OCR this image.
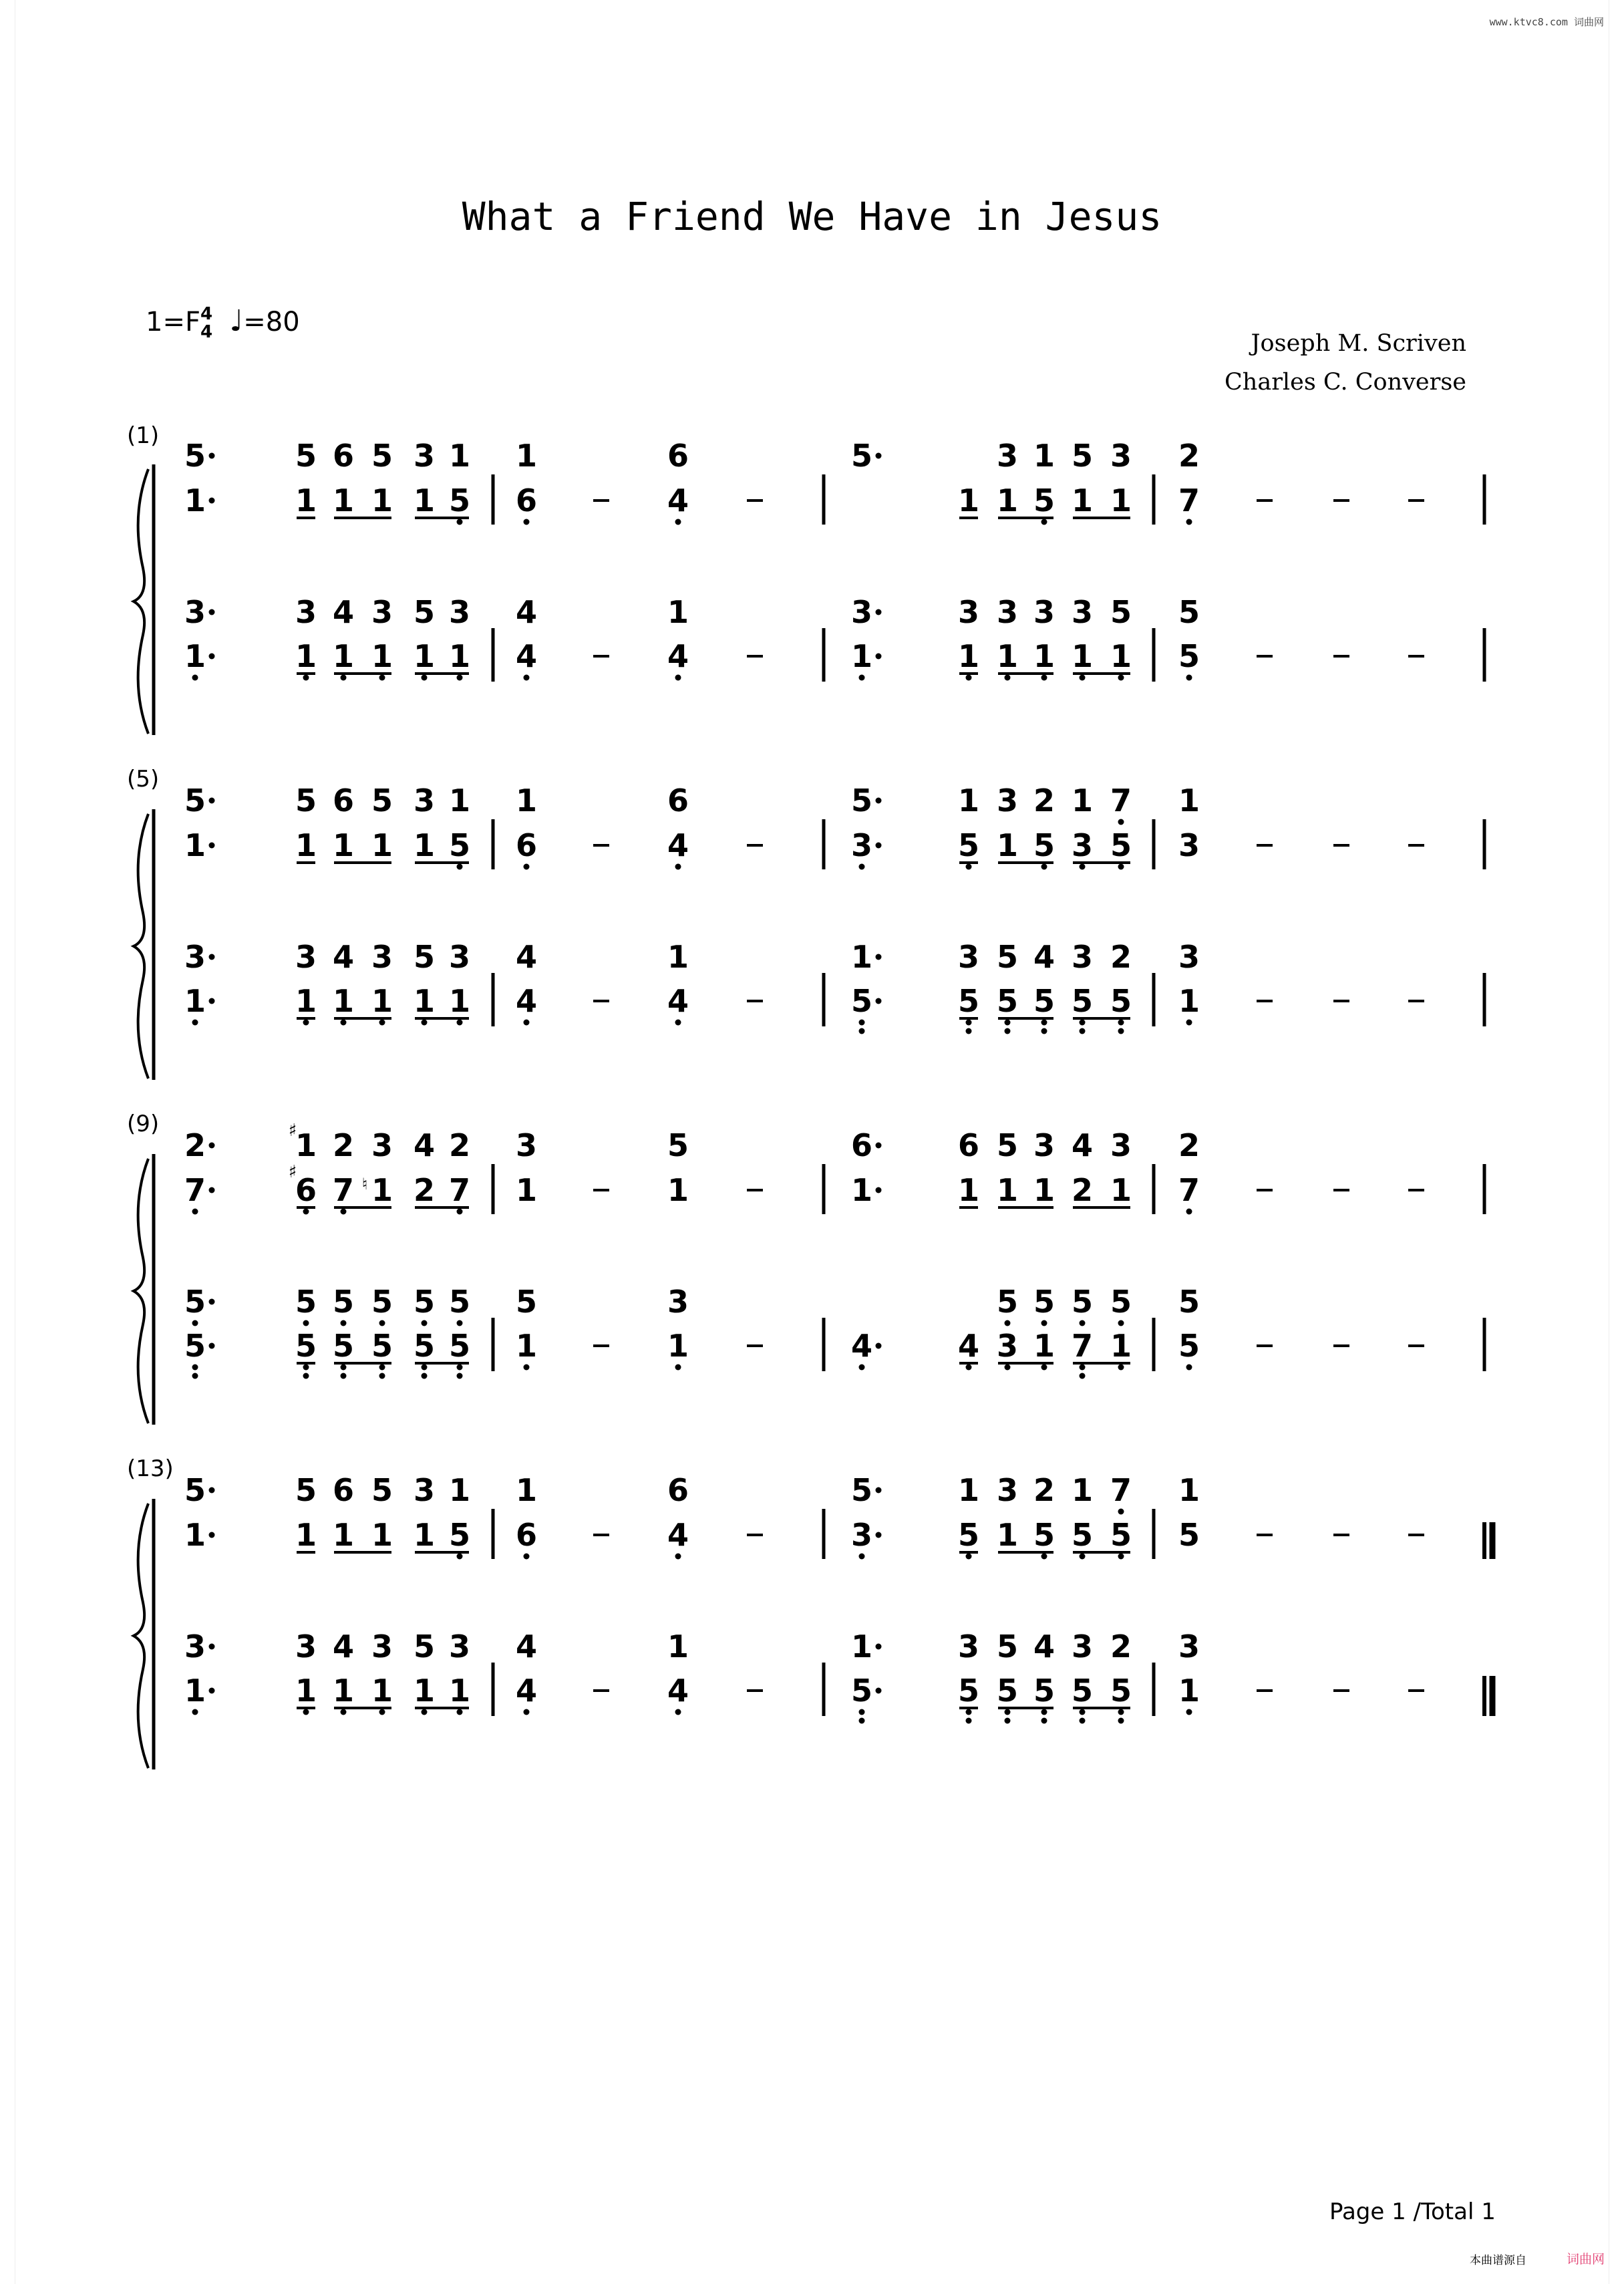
www.ktvc8.com 词曲网
What a Friend We Have in Jesus
1=F4
4 ♩=80
Joseph M. Scriven
Charles C. Converse
(1)
(5)
(9)
(13)
5	5 6 5 3 1 1	6	5	3 1 5 3 2
1	1 1 1 1 5 6	4	1 1 5 1 1 7
3	3 4 3 5 3 4	1	3	3 3 3 3 5 5
1	1 1 1 1 1 4	4	1	1 1 1 1 1 5
5	5 6 5 3 1 1	6	5	1 3 2 1 7 1
1	1 1 1 1 5 6	4	3	5 1 5 3 5 3
3	3 4 3 5 3 4	1	1	3 5 4 3 2 3
1	1 1 1 1 1 4	4	5	5 5 5 5 5 1
2	1 2 3 4 2 3	5	6	6 5 3 4 3 2
7	6 7 1 2 7 1	1	1	1 1 1 2 1 7
5	5 5 5 5 5 5	3	5 5 5 5 5
5	5 5 5 5 5 1	1	4	4 3 1 7 1 5
5	5 6 5 3 1 1	6	5	1 3 2 1 7 1
1	1 1 1 1 5 6	4	3	5 1 5 5 5 5
3	3 4 3 5 3 4	1	1	3 5 4 3 2 3
1	1 1 1 1 1 4	4	5	5 5 5 5 5 1
♯
♯
♮
Page 1 /Total 1
本曲谱源自	词曲网
